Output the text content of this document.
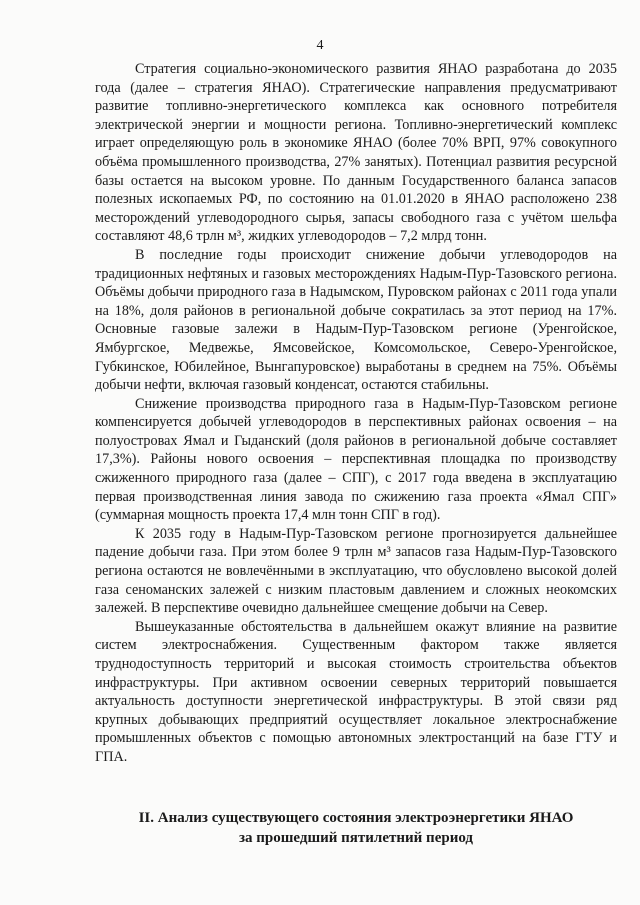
4

Стратегия социально-экономического развития ЯНАО разработана до 2035 года (далее – стратегия ЯНАО). Стратегические направления предусматривают развитие топливно-энергетического комплекса как основного потребителя электрической энергии и мощности региона. Топливно-энергетический комплекс играет определяющую роль в экономике ЯНАО (более 70% ВРП, 97% совокупного объёма промышленного производства, 27% занятых). Потенциал развития ресурсной базы остается на высоком уровне. По данным Государственного баланса запасов полезных ископаемых РФ, по состоянию на 01.01.2020 в ЯНАО расположено 238 месторождений углеводородного сырья, запасы свободного газа с учётом шельфа составляют 48,6 трлн м³, жидких углеводородов – 7,2 млрд тонн.

В последние годы происходит снижение добычи углеводородов на традиционных нефтяных и газовых месторождениях Надым-Пур-Тазовского региона. Объёмы добычи природного газа в Надымском, Пуровском районах с 2011 года упали на 18%, доля районов в региональной добыче сократилась за этот период на 17%. Основные газовые залежи в Надым-Пур-Тазовском регионе (Уренгойское, Ямбургское, Медвежье, Ямсовейское, Комсомольское, Северо-Уренгойское, Губкинское, Юбилейное, Вынгапуровское) выработаны в среднем на 75%. Объёмы добычи нефти, включая газовый конденсат, остаются стабильны.

Снижение производства природного газа в Надым-Пур-Тазовском регионе компенсируется добычей углеводородов в перспективных районах освоения – на полуостровах Ямал и Гыданский (доля районов в региональной добыче составляет 17,3%). Районы нового освоения – перспективная площадка по производству сжиженного природного газа (далее – СПГ), с 2017 года введена в эксплуатацию первая производственная линия завода по сжижению газа проекта «Ямал СПГ» (суммарная мощность проекта 17,4 млн тонн СПГ в год).

К 2035 году в Надым-Пур-Тазовском регионе прогнозируется дальнейшее падение добычи газа. При этом более 9 трлн м³ запасов газа Надым-Пур-Тазовского региона остаются не вовлечёнными в эксплуатацию, что обусловлено высокой долей газа сеноманских залежей с низким пластовым давлением и сложных неокомских залежей. В перспективе очевидно дальнейшее смещение добычи на Север.

Вышеуказанные обстоятельства в дальнейшем окажут влияние на развитие систем электроснабжения. Существенным фактором также является труднодоступность территорий и высокая стоимость строительства объектов инфраструктуры. При активном освоении северных территорий повышается актуальность доступности энергетической инфраструктуры. В этой связи ряд крупных добывающих предприятий осуществляет локальное электроснабжение промышленных объектов с помощью автономных электростанций на базе ГТУ и ГПА.

II. Анализ существующего состояния электроэнергетики ЯНАО
за прошедший пятилетний период
